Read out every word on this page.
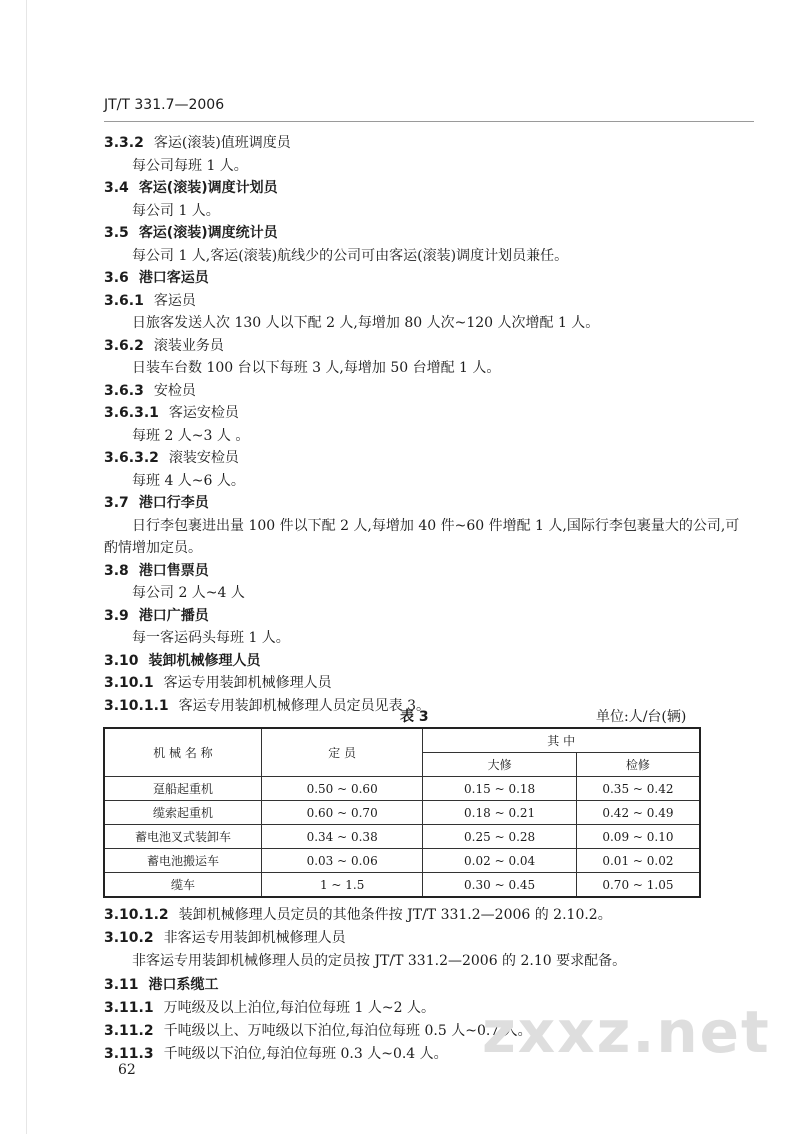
JT/T 331.7—2006
3.3.2 客运(滚装)值班调度员
每公司每班 1 人。
3.4 客运(滚装)调度计划员
每公司 1 人。
3.5 客运(滚装)调度统计员
每公司 1 人,客运(滚装)航线少的公司可由客运(滚装)调度计划员兼任。
3.6 港口客运员
3.6.1 客运员
日旅客发送人次 130 人以下配 2 人,每增加 80 人次~120 人次增配 1 人。
3.6.2 滚装业务员
日装车台数 100 台以下每班 3 人,每增加 50 台增配 1 人。
3.6.3 安检员
3.6.3.1 客运安检员
每班 2 人~3 人 。
3.6.3.2 滚装安检员
每班 4 人~6 人。
3.7 港口行李员
日行李包裹进出量 100 件以下配 2 人,每增加 40 件~60 件增配 1 人,国际行李包裹量大的公司,可
酌情增加定员。
3.8 港口售票员
每公司 2 人~4 人
3.9 港口广播员
每一客运码头每班 1 人。
3.10 装卸机械修理人员
3.10.1 客运专用装卸机械修理人员
3.10.1.1 客运专用装卸机械修理人员定员见表 3。
表 3	单位:人/台(辆)
机 械 名 称	定 员	其 中	
		大修	检修
趸船起重机	0.50 ~ 0.60	0.15 ~ 0.18	0.35 ~ 0.42
缆索起重机	0.60 ~ 0.70	0.18 ~ 0.21	0.42 ~ 0.49
蓄电池叉式装卸车	0.34 ~ 0.38	0.25 ~ 0.28	0.09 ~ 0.10
蓄电池搬运车	0.03 ~ 0.06	0.02 ~ 0.04	0.01 ~ 0.02
缆车	1 ~ 1.5	0.30 ~ 0.45	0.70 ~ 1.05
3.10.1.2 装卸机械修理人员定员的其他条件按 JT/T 331.2—2006 的 2.10.2。
3.10.2 非客运专用装卸机械修理人员
非客运专用装卸机械修理人员的定员按 JT/T 331.2—2006 的 2.10 要求配备。
3.11 港口系缆工
3.11.1 万吨级及以上泊位,每泊位每班 1 人~2 人。
3.11.2 千吨级以上、万吨级以下泊位,每泊位每班 0.5 人~0.7 人。
3.11.3 千吨级以下泊位,每泊位每班 0.3 人~0.4 人。 zxxz.net
62
